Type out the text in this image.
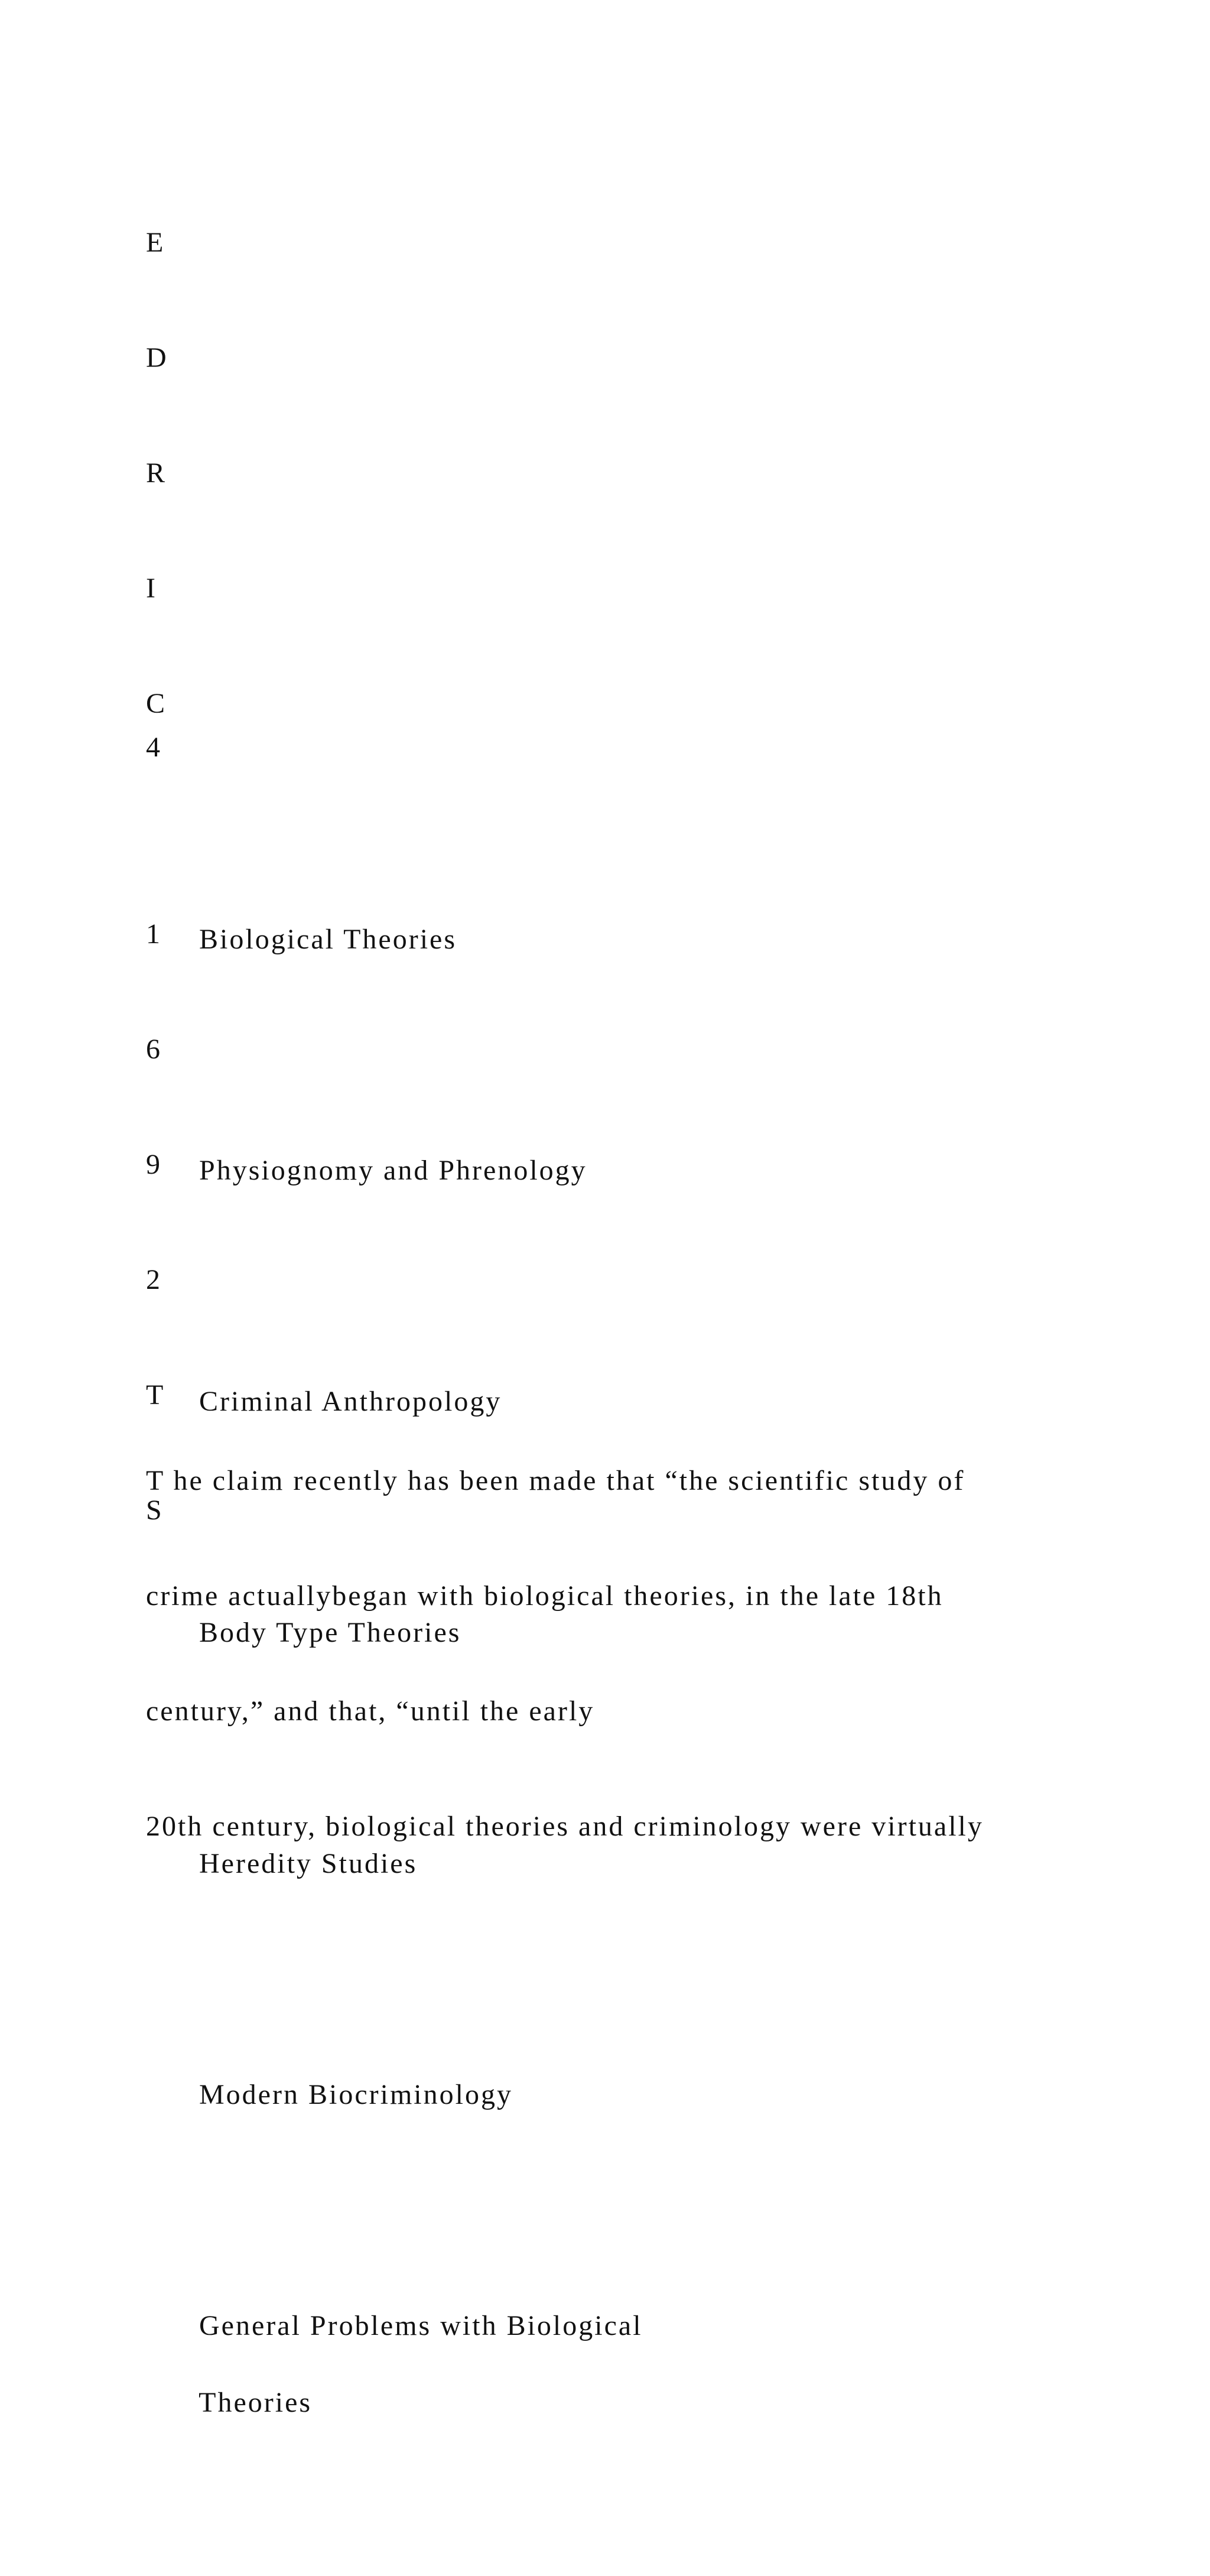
E

D

R

I

C

1

6

9

2

T

S

4

Biological Theories

Physiognomy and Phrenology

Criminal Anthropology

Body Type Theories

Heredity Studies

Modern Biocriminology

General Problems with Biological

Theories

T he claim recently has been made that “the scientific study of

crime actuallybegan with biological theories, in the late 18th

century,” and that, “until the early

20th century, biological theories and criminology were virtually
